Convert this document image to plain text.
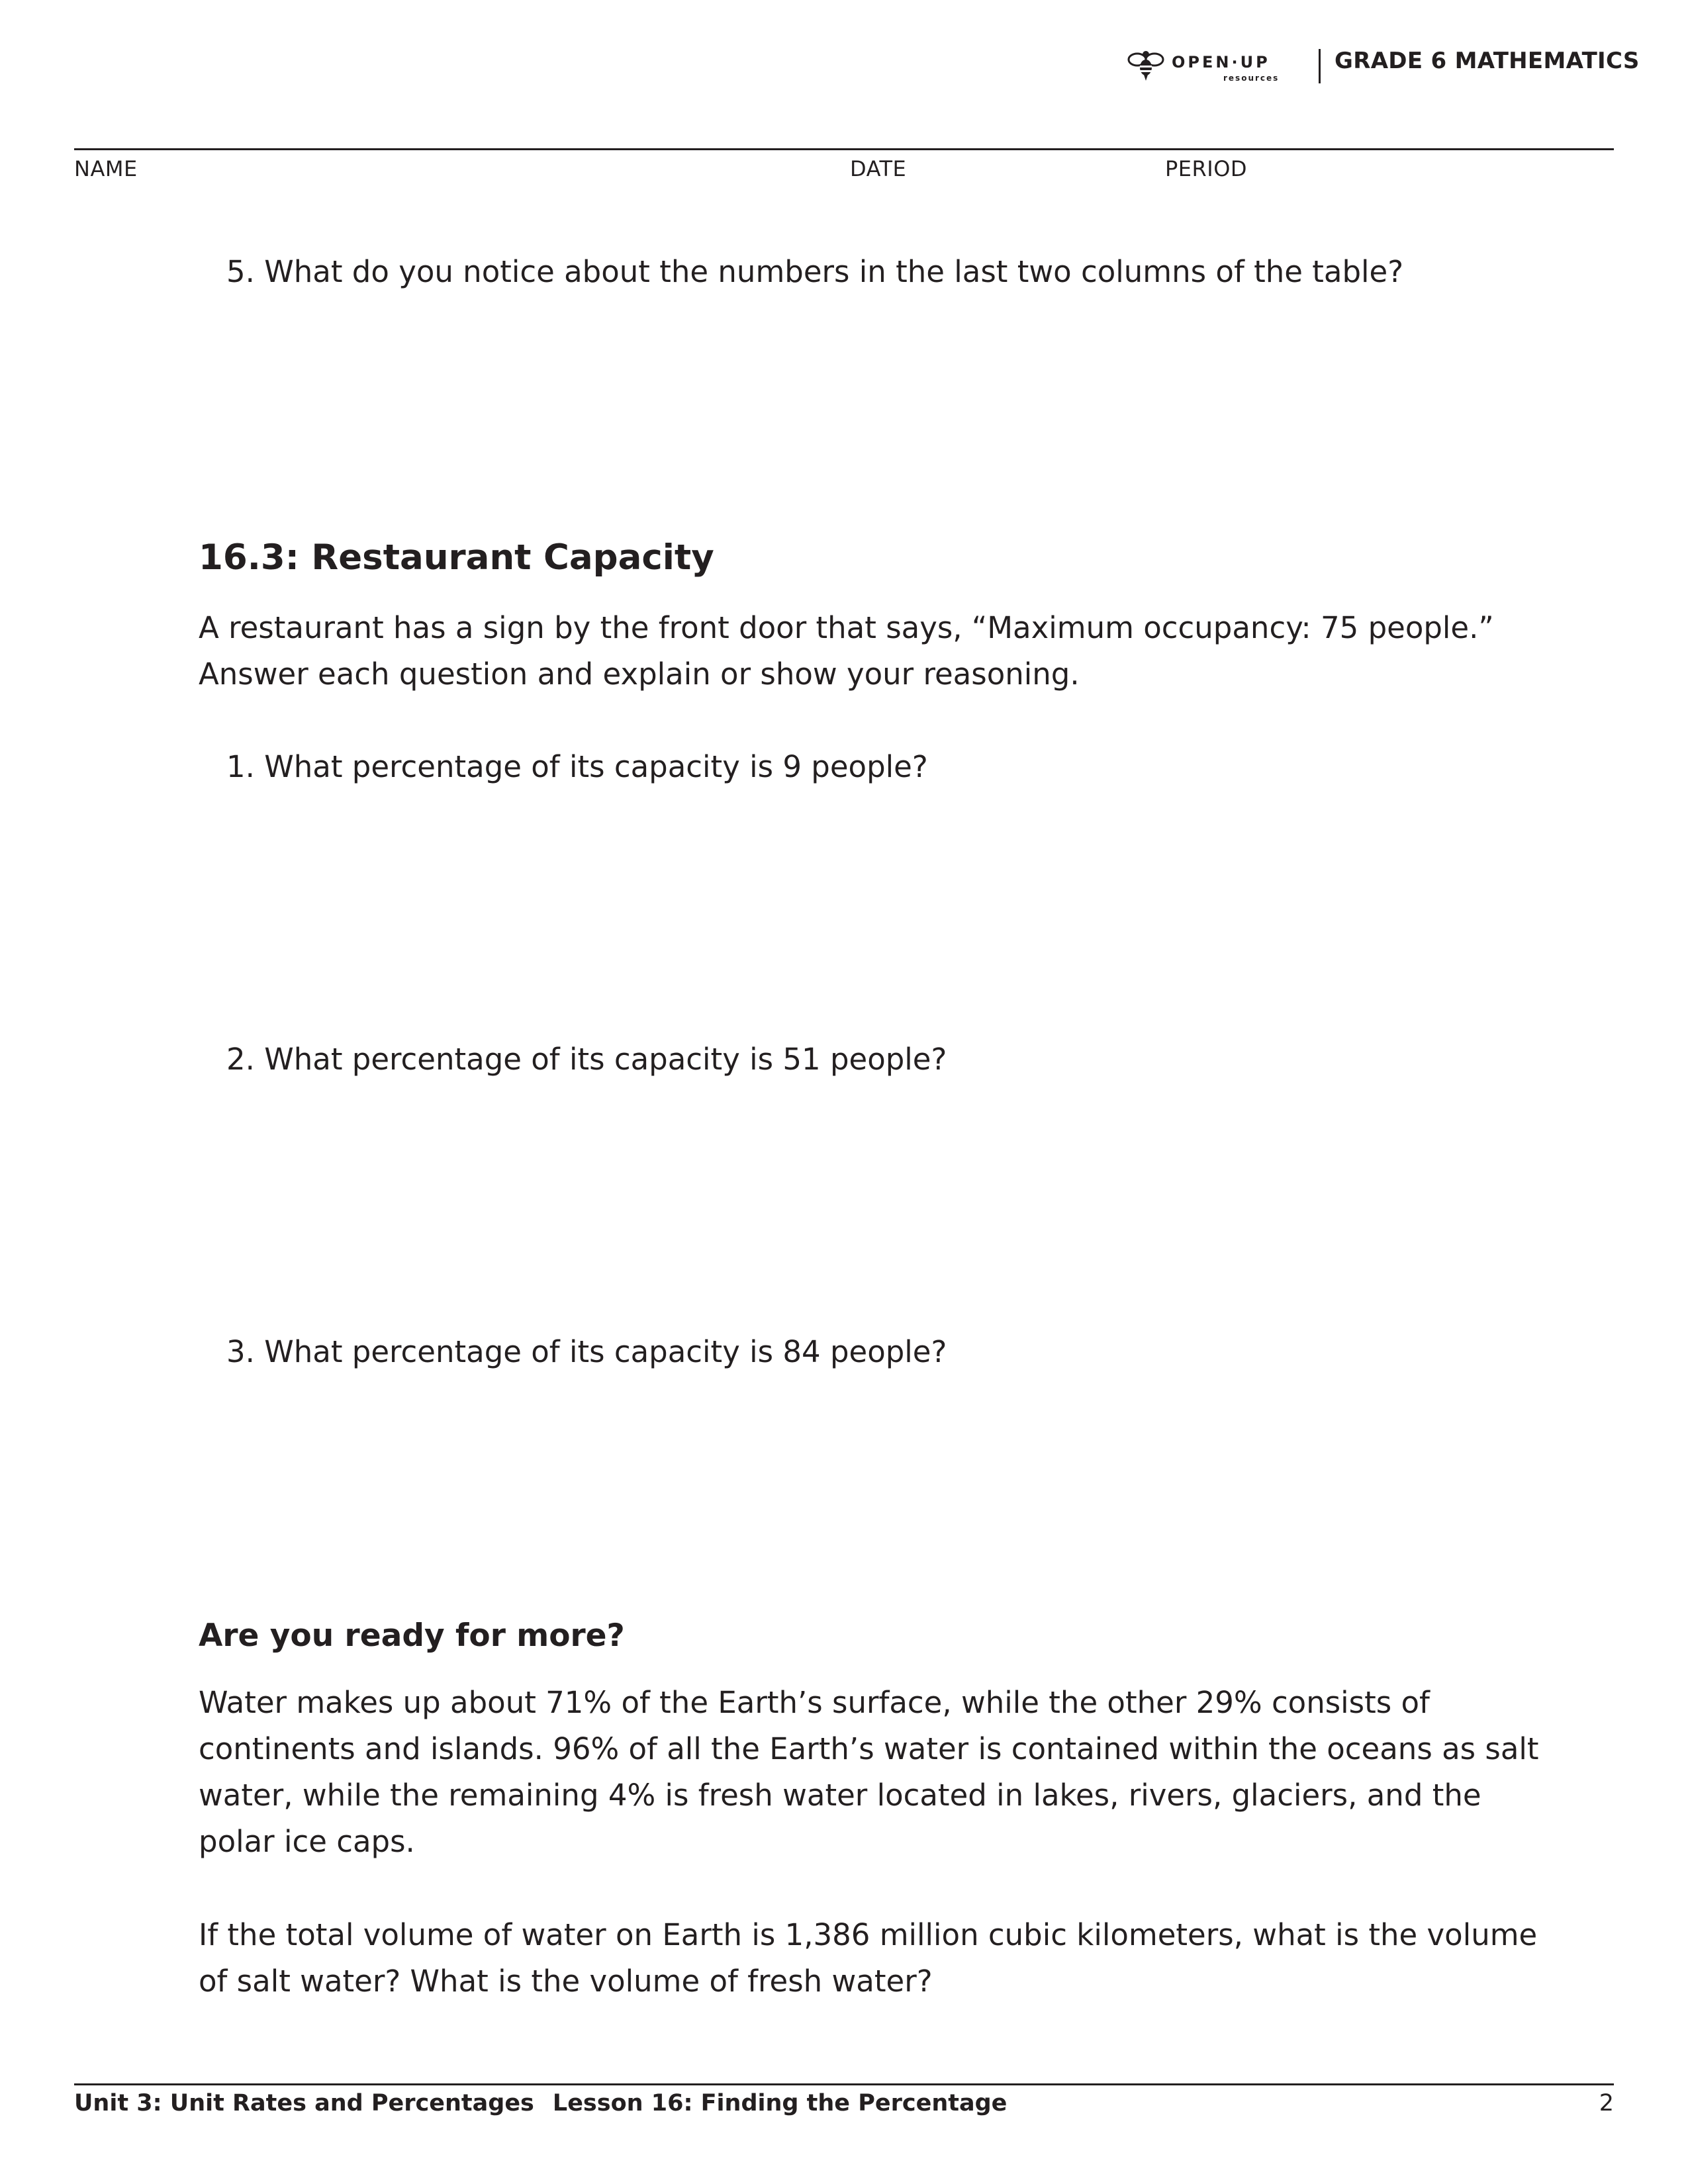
OPEN·UP
resources
GRADE 6 MATHEMATICS
NAME	DATE	PERIOD
5. What do you notice about the numbers in the last two columns of the table?
16.3: Restaurant Capacity
A restaurant has a sign by the front door that says, “Maximum occupancy: 75 people.”
Answer each question and explain or show your reasoning.
1. What percentage of its capacity is 9 people?
2. What percentage of its capacity is 51 people?
3. What percentage of its capacity is 84 people?
Are you ready for more?
Water makes up about 71% of the Earth’s surface, while the other 29% consists of
continents and islands. 96% of all the Earth’s water is contained within the oceans as salt
water, while the remaining 4% is fresh water located in lakes, rivers, glaciers, and the
polar ice caps.
If the total volume of water on Earth is 1,386 million cubic kilometers, what is the volume
of salt water? What is the volume of fresh water?
Unit 3: Unit Rates and Percentages Lesson 16: Finding the Percentage	2
